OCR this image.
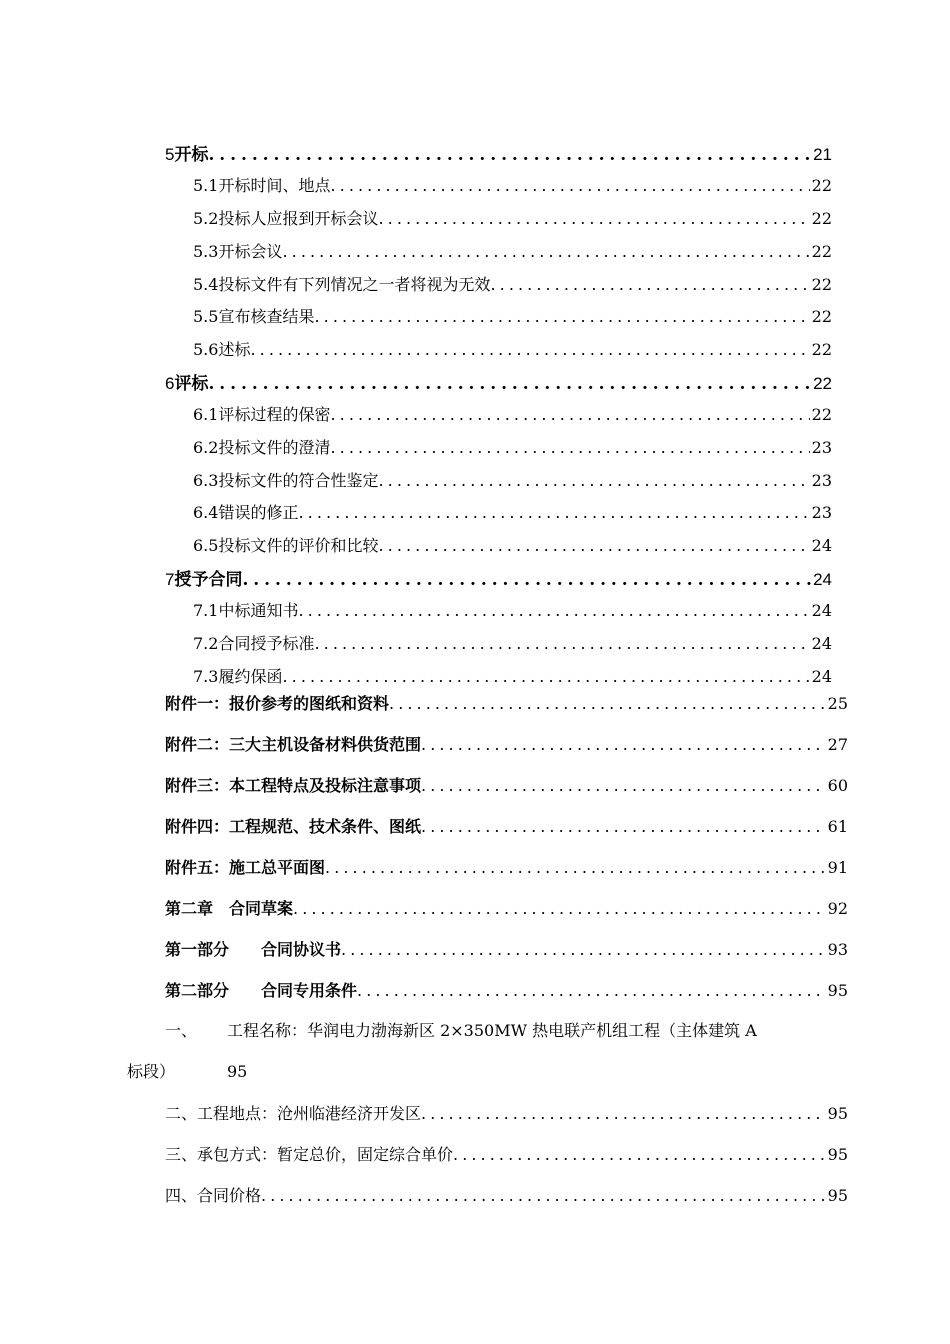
5 开标 . . .	21
5.1 开标时间、地点 . . .	22
5.2 投标人应报到开标会议 . . .	22
5.3 开标会议 . . .	22
5.4 投标文件有下列情况之一者将视为无效 . . .	22
5.5 宣布核查结果 . . .	22
5.6 述标 . . .	22
6 评标 . . .	22
6.1 评标过程的保密 . . .	22
6.2 投标文件的澄清 . . .	23
6.3 投标文件的符合性鉴定 . . .	23
6.4 错误的修正 . . .	23
6.5 投标文件的评价和比较 . . .	24
7 授予合同 . . .	24
7.1 中标通知书 . . .	24
7.2 合同授予标准 . . .	24
7.3 履约保函 . . .	24
附件一：报价参考的图纸和资料 . . .	25
附件二：三大主机设备材料供货范围 . . .	27
附件三：本工程特点及投标注意事项 . . .	60
附件四：工程规范、技术条件、图纸 . . .	61
附件五：施工总平面图 . . .	91
第二章　合同草案 . . .	92
第一部分　　合同协议书 . . .	93
第二部分　　合同专用条件 . . .	95
一、 工程名称：华润电力渤海新区 2×350MW 热电联产机组工程（主体建筑 A
标段）	95
二、 工程地点：沧州临港经济开发区 . . .	95
三、 承包方式：暂定总价，固定综合单价 . . .	95
四、 合同价格 . . .	95
